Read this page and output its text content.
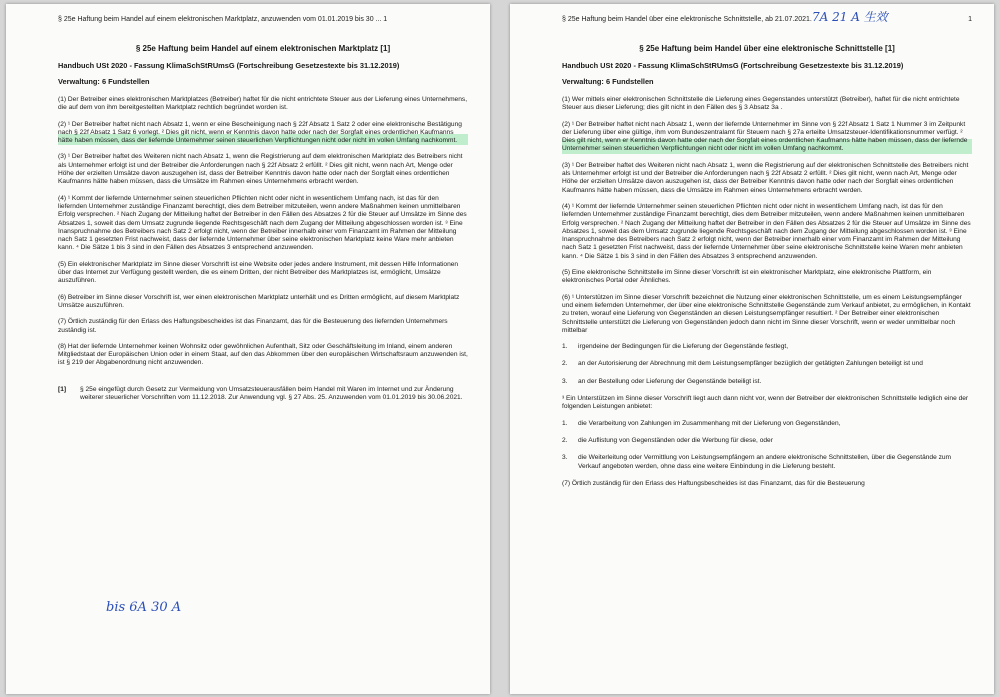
§ 25e Haftung beim Handel auf einem elektronischen Marktplatz, anzuwenden vom 01.01.2019 bis 30 ... 1
§ 25e Haftung beim Handel auf einem elektronischen Marktplatz [1]
Handbuch USt 2020 - Fassung KlimaSchStRUmsG (Fortschreibung Gesetzestexte bis 31.12.2019)
Verwaltung: 6 Fundstellen

(1) Der Betreiber eines elektronischen Marktplatzes (Betreiber) haftet für die nicht entrichtete Steuer aus der Lieferung eines Unternehmens, die auf dem von ihm bereitgestellten Marktplatz rechtlich begründet worden ist.

(2) ¹ Der Betreiber haftet nicht nach Absatz 1, wenn er eine Bescheinigung nach § 22f Absatz 1 Satz 2 oder eine elektronische Bestätigung nach § 22f Absatz 1 Satz 6 vorlegt. ² Dies gilt nicht, wenn er Kenntnis davon hatte oder nach der Sorgfalt eines ordentlichen Kaufmanns hätte haben müssen, dass der liefernde Unternehmer seinen steuerlichen Verpflichtungen nicht oder nicht im vollen Umfang nachkommt.

(3) ¹ Der Betreiber haftet des Weiteren nicht nach Absatz 1, wenn die Registrierung auf dem elektronischen Marktplatz des Betreibers nicht als Unternehmer erfolgt ist und der Betreiber die Anforderungen nach § 22f Absatz 2 erfüllt. ² Dies gilt nicht, wenn nach Art, Menge oder Höhe der erzielten Umsätze davon auszugehen ist, dass der Betreiber Kenntnis davon hatte oder nach der Sorgfalt eines ordentlichen Kaufmanns hätte haben müssen, dass die Umsätze im Rahmen eines Unternehmens erbracht werden.

(4) ¹ Kommt der liefernde Unternehmer seinen steuerlichen Pflichten nicht oder nicht in wesentlichem Umfang nach, ist das für den liefernden Unternehmer zuständige Finanzamt berechtigt, dies dem Betreiber mitzuteilen, wenn andere Maßnahmen keinen unmittelbaren Erfolg versprechen. ² Nach Zugang der Mitteilung haftet der Betreiber in den Fällen des Absatzes 2 für die Steuer auf Umsätze im Sinne des Absatzes 1, soweit das dem Umsatz zugrunde liegende Rechtsgeschäft nach dem Zugang der Mitteilung abgeschlossen worden ist. ³ Eine Inanspruchnahme des Betreibers nach Satz 2 erfolgt nicht, wenn der Betreiber innerhalb einer vom Finanzamt im Rahmen der Mitteilung nach Satz 1 gesetzten Frist nachweist, dass der liefernde Unternehmer über seine elektronischen Marktplatz keine Ware mehr anbieten kann. ⁴ Die Sätze 1 bis 3 sind in den Fällen des Absatzes 3 entsprechend anzuwenden.

(5) Ein elektronischer Marktplatz im Sinne dieser Vorschrift ist eine Website oder jedes andere Instrument, mit dessen Hilfe Informationen über das Internet zur Verfügung gestellt werden, die es einem Dritten, der nicht Betreiber des Marktplatzes ist, ermöglicht, Umsätze auszuführen.

(6) Betreiber im Sinne dieser Vorschrift ist, wer einen elektronischen Marktplatz unterhält und es Dritten ermöglicht, auf diesem Marktplatz Umsätze auszuführen.

(7) Örtlich zuständig für den Erlass des Haftungsbescheides ist das Finanzamt, das für die Besteuerung des liefernden Unternehmers zuständig ist.

(8) Hat der liefernde Unternehmer keinen Wohnsitz oder gewöhnlichen Aufenthalt, Sitz oder Geschäftsleitung im Inland, einem anderen Mitgliedstaat der Europäischen Union oder in einem Staat, auf den das Abkommen über den europäischen Wirtschaftsraum anzuwenden ist, ist § 219 der Abgabenordnung nicht anzuwenden.

[1]	§ 25e eingefügt durch Gesetz zur Vermeidung von Umsatzsteuerausfällen beim Handel mit Waren im Internet und zur Änderung weiterer steuerlicher Vorschriften vom 11.12.2018. Zur Anwendung vgl. § 27 Abs. 25. Anzuwenden vom 01.01.2019 bis 30.06.2021.
bis 6A 30 A
§ 25e Haftung beim Handel über eine elektronische Schnittstelle, ab 21.07.2021.	1
7A 21 A 生效
§ 25e Haftung beim Handel über eine elektronische Schnittstelle [1]
Handbuch USt 2020 - Fassung KlimaSchStRUmsG (Fortschreibung Gesetzestexte bis 31.12.2019)
Verwaltung: 6 Fundstellen

(1) Wer mittels einer elektronischen Schnittstelle die Lieferung eines Gegenstandes unterstützt (Betreiber), haftet für die nicht entrichtete Steuer aus dieser Lieferung; dies gilt nicht in den Fällen des § 3 Absatz 3a .

(2) ¹ Der Betreiber haftet nicht nach Absatz 1, wenn der liefernde Unternehmer im Sinne von § 22f Absatz 1 Satz 1 Nummer 3 im Zeitpunkt der Lieferung über eine gültige, ihm vom Bundeszentralamt für Steuern nach § 27a erteilte Umsatzsteuer-Identifikationsnummer verfügt. ² Dies gilt nicht, wenn er Kenntnis davon hatte oder nach der Sorgfalt eines ordentlichen Kaufmanns hätte haben müssen, dass der liefernde Unternehmer seinen steuerlichen Verpflichtungen nicht oder nicht im vollen Umfang nachkommt.

(3) ¹ Der Betreiber haftet des Weiteren nicht nach Absatz 1, wenn die Registrierung auf der elektronischen Schnittstelle des Betreibers nicht als Unternehmer erfolgt ist und der Betreiber die Anforderungen nach § 22f Absatz 2 erfüllt. ² Dies gilt nicht, wenn nach Art, Menge oder Höhe der erzielten Umsätze davon auszugehen ist, dass der Betreiber Kenntnis davon hatte oder nach der Sorgfalt eines ordentlichen Kaufmanns hätte haben müssen, dass die Umsätze im Rahmen eines Unternehmens erbracht werden.

(4) ¹ Kommt der liefernde Unternehmer seinen steuerlichen Pflichten nicht oder nicht in wesentlichem Umfang nach, ist das für den liefernden Unternehmer zuständige Finanzamt berechtigt, dies dem Betreiber mitzuteilen, wenn andere Maßnahmen keinen unmittelbaren Erfolg versprechen. ² Nach Zugang der Mitteilung haftet der Betreiber in den Fällen des Absatzes 2 für die Steuer auf Umsätze im Sinne des Absatzes 1, soweit das dem Umsatz zugrunde liegende Rechtsgeschäft nach dem Zugang der Mitteilung abgeschlossen worden ist. ³ Eine Inanspruchnahme des Betreibers nach Satz 2 erfolgt nicht, wenn der Betreiber innerhalb einer vom Finanzamt im Rahmen der Mitteilung nach Satz 1 gesetzten Frist nachweist, dass der liefernde Unternehmer über seine elektronische Schnittstelle keine Waren mehr anbieten kann. ⁴ Die Sätze 1 bis 3 sind in den Fällen des Absatzes 3 entsprechend anzuwenden.

(5) Eine elektronische Schnittstelle im Sinne dieser Vorschrift ist ein elektronischer Marktplatz, eine elektronische Plattform, ein elektronisches Portal oder Ähnliches.

(6) ¹ Unterstützen im Sinne dieser Vorschrift bezeichnet die Nutzung einer elektronischen Schnittstelle, um es einem Leistungsempfänger und einem liefernden Unternehmer, der über eine elektronische Schnittstelle Gegenstände zum Verkauf anbietet, zu ermöglichen, in Kontakt zu treten, worauf eine Lieferung von Gegenständen an diesen Leistungsempfänger resultiert. ² Der Betreiber einer elektronischen Schnittstelle unterstützt die Lieferung von Gegenständen jedoch dann nicht im Sinne dieser Vorschrift, wenn er weder unmittelbar noch mittelbar

1.	irgendeine der Bedingungen für die Lieferung der Gegenstände festlegt,
2.	an der Autorisierung der Abrechnung mit dem Leistungsempfänger bezüglich der getätigten Zahlungen beteiligt ist und
3.	an der Bestellung oder Lieferung der Gegenstände beteiligt ist.

³ Ein Unterstützen im Sinne dieser Vorschrift liegt auch dann nicht vor, wenn der Betreiber der elektronischen Schnittstelle lediglich eine der folgenden Leistungen anbietet:

1.	die Verarbeitung von Zahlungen im Zusammenhang mit der Lieferung von Gegenständen,
2.	die Auflistung von Gegenständen oder die Werbung für diese, oder
3.	die Weiterleitung oder Vermittlung von Leistungsempfängern an andere elektronische Schnittstellen, über die Gegenstände zum Verkauf angeboten werden, ohne dass eine weitere Einbindung in die Lieferung besteht.

(7) Örtlich zuständig für den Erlass des Haftungsbescheides ist das Finanzamt, das für die Besteuerung
